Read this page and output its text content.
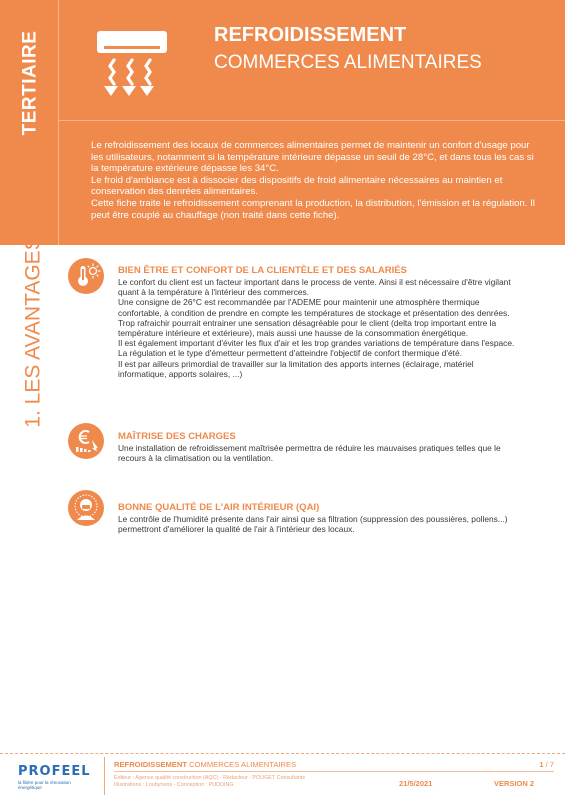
TERTIAIRE	REFROIDISSEMENT
COMMERCES ALIMENTAIRES

Le refroidissement des locaux de commerces alimentaires permet de maintenir un confort d'usage pour les utilisateurs, notamment si la température intérieure dépasse un seuil de 28°C, et dans tous les cas si la température extérieure dépasse les 34°C.

Le froid d'ambiance est à dissocier des dispositifs de froid alimentaire nécessaires au maintien et conservation des denrées alimentaires.

Cette fiche traite le refroidissement comprenant la production, la distribution, l'émission et la régulation. Il peut être couplé au chauffage (non traité dans cette fiche).

1. LES AVANTAGES	BIEN ÊTRE ET CONFORT DE LA CLIENTÈLE ET DES SALARIÉS

Le confort du client est un facteur important dans le process de vente. Ainsi il est nécessaire d'être vigilant quant à la température à l'intérieur des commerces.

Une consigne de 26°C est recommandée par l'ADEME pour maintenir une atmosphère thermique confortable, à condition de prendre en compte les températures de stockage et présentation des denrées.

Trop rafraichir pourrait entrainer une sensation désagréable pour le client (delta trop important entre la température intérieure et extérieure), mais aussi une hausse de la consommation énergétique.

Il est également important d'éviter les flux d'air et les trop grandes variations de température dans l'espace. La régulation et le type d'émetteur permettent d'atteindre l'objectif de confort thermique d'été.

Il est par ailleurs primordial de travailler sur la limitation des apports internes (éclairage, matériel informatique, apports solaires, ...)

MAÎTRISE DES CHARGES

Une installation de refroidissement maîtrisée permettra de réduire les mauvaises pratiques telles que le recours à la climatisation ou la ventilation.

BONNE QUALITÉ DE L'AIR INTÉRIEUR (QAI)

Le contrôle de l'humidité présente dans l'air ainsi que sa filtration (suppression des poussières, pollens...) permettront d'améliorer la qualité de l'air à l'intérieur des locaux.

PROFEEL
la filière pour la rénovation énergétique
REFROIDISSEMENT COMMERCES ALIMENTAIRES	1 / 7
Éditeur : Agence qualité construction (AQC) - Rédacteur : POUGET Consultants
Illustrations : Loubynens - Conception : PUDDING	21/5/2021	VERSION 2
